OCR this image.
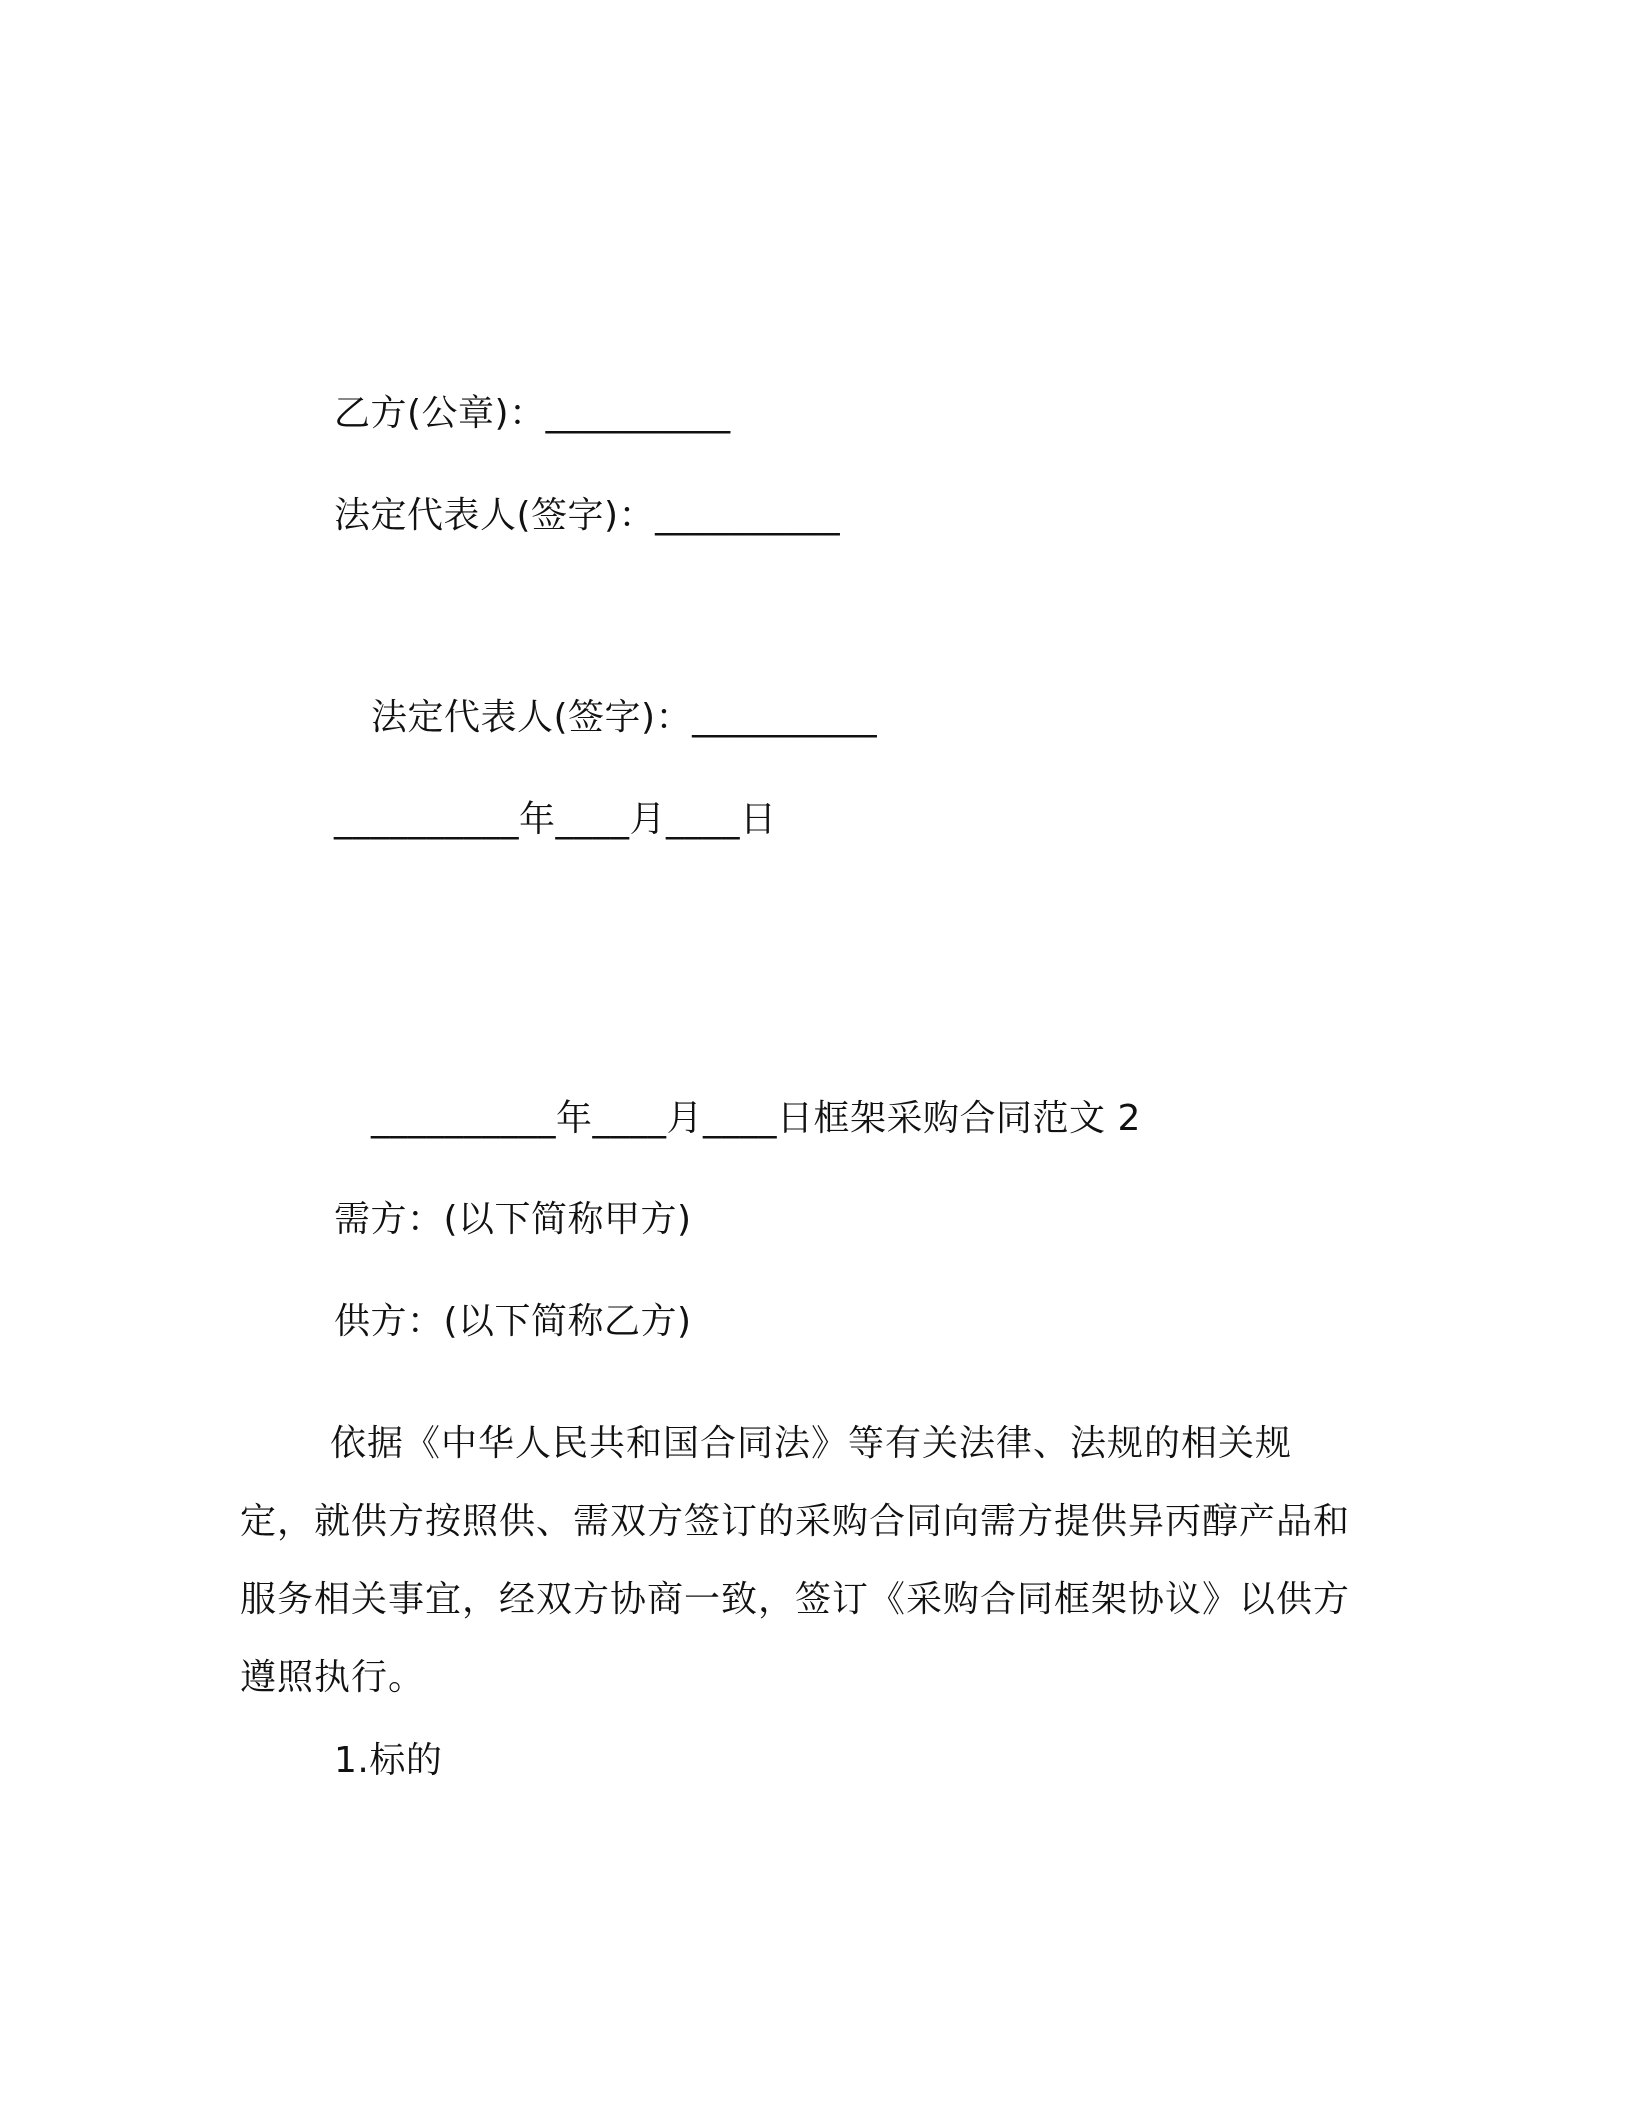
乙方(公章)：__________
法定代表人(签字)：__________
法定代表人(签字)：__________
__________年____月____日
__________年____月____日框架采购合同范文 2
需方：(以下简称甲方)
供方：(以下简称乙方)

依据《中华人民共和国合同法》等有关法律、法规的相关规定，就供方按照供、需双方签订的采购合同向需方提供异丙醇产品和服务相关事宜，经双方协商一致，签订《采购合同框架协议》以供方遵照执行。

1.标的
